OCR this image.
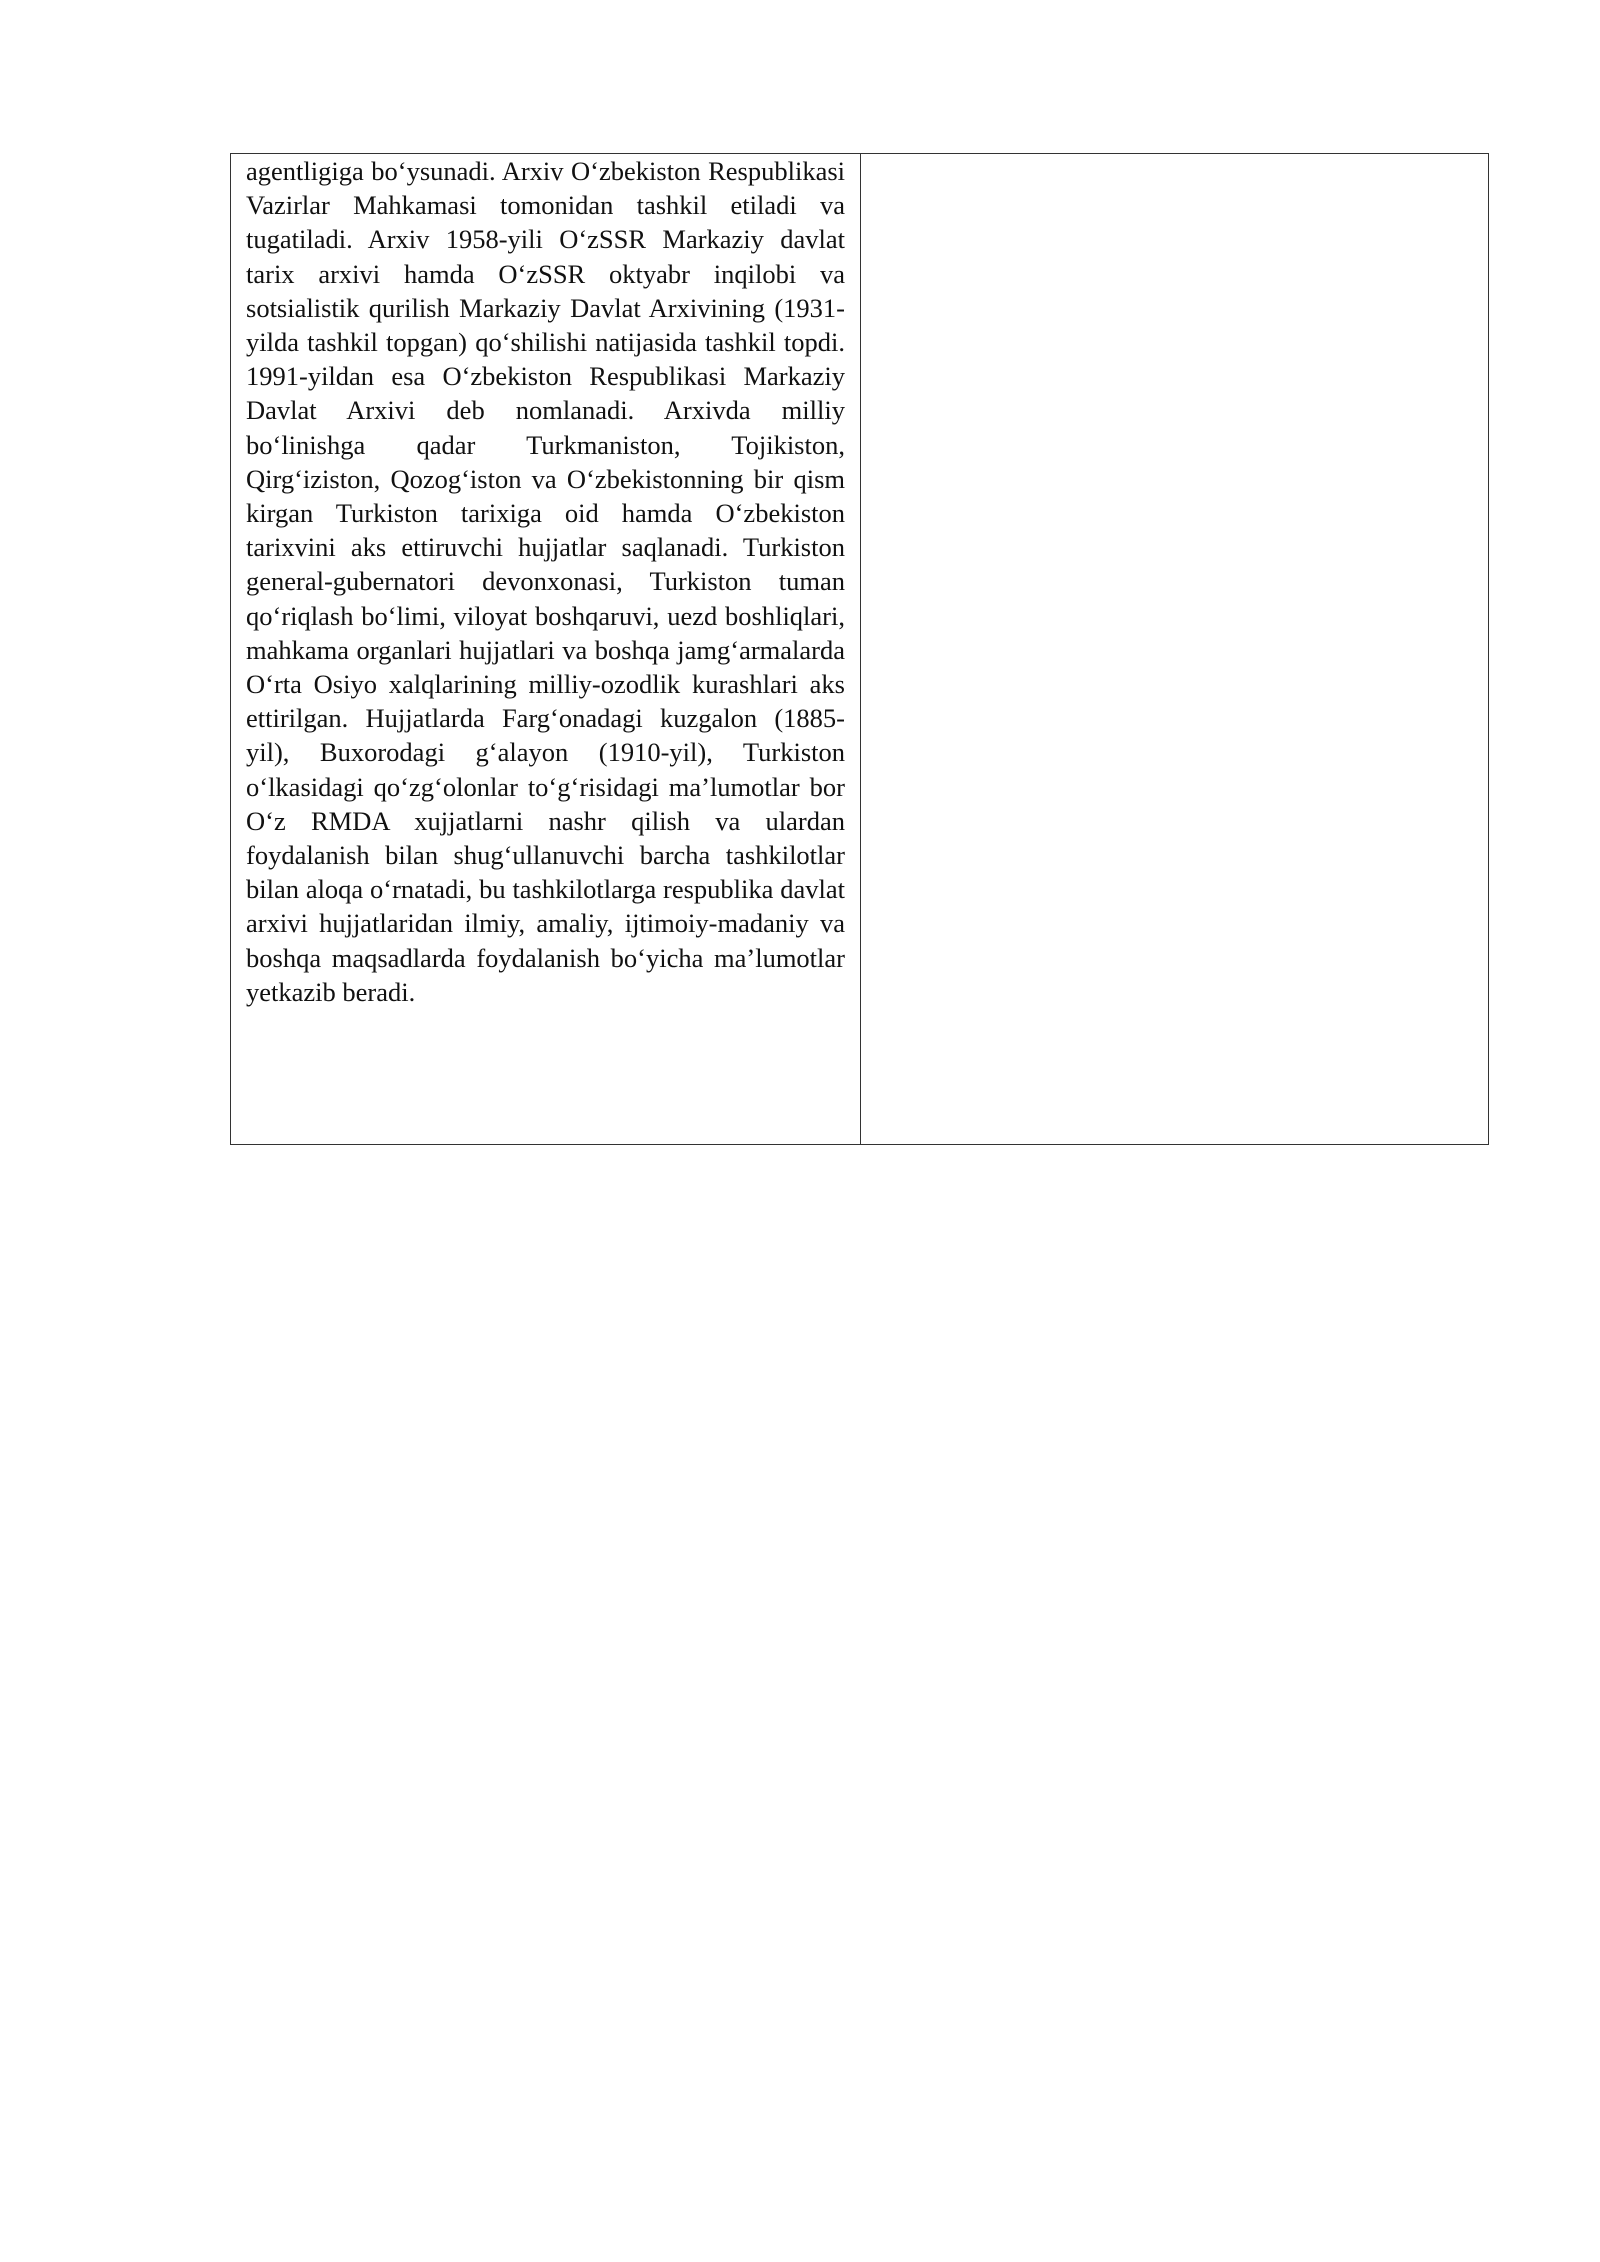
agentligiga boʻysunadi. Arxiv Oʻzbekiston Respublikasi Vazirlar Mahkamasi tomonidan tashkil etiladi va tugatiladi. Arxiv 1958-yili OʻzSSR Markaziy davlat tarix arxivi hamda OʻzSSR oktyabr inqilobi va sotsialistik qurilish Markaziy Davlat Arxivining (1931-yilda tashkil topgan) qoʻshilishi natijasida tashkil topdi. 1991-yildan esa Oʻzbekiston Respublikasi Markaziy Davlat Arxivi deb nomlanadi. Arxivda milliy boʻlinishga qadar Turkmaniston, Tojikiston, Qirgʻiziston, Qozogʻiston va Oʻzbekistonning bir qism kirgan Turkiston tarixiga oid hamda Oʻzbekiston tarixvini aks ettiruvchi hujjatlar saqlanadi. Turkiston general-gubernatori devonxonasi, Turkiston tuman qoʻriqlash boʻlimi, viloyat boshqaruvi, uezd boshliqlari, mahkama organlari hujjatlari va boshqa jamgʻarmalarda Oʻrta Osiyo xalqlarining milliy-ozodlik kurashlari aks ettirilgan. Hujjatlarda Fargʻonadagi kuzgalon (1885-yil), Buxorodagi gʻalayon (1910-yil), Turkiston oʻlkasidagi qoʻzgʻolonlar toʻgʻrisidagi maʼlumotlar bor Oʻz RMDA xujjatlarni nashr qilish va ulardan foydalanish bilan shugʻullanuvchi barcha tashkilotlar bilan aloqa oʻrnatadi, bu tashkilotlarga respublika davlat arxivi hujjatlaridan ilmiy, amaliy, ijtimoiy-madaniy va boshqa maqsadlarda foydalanish boʻyicha maʼlumotlar yetkazib beradi.
